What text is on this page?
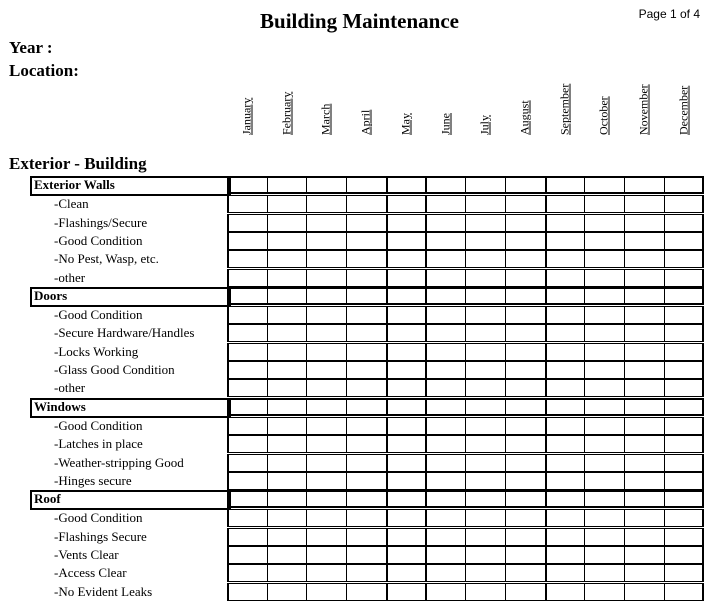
Page 1 of 4
Building Maintenance
Year :
Location:
Exterior - Building
January February March April May June July August September October November December
Exterior Walls
-Clean
-Flashings/Secure
-Good Condition
-No Pest, Wasp, etc.
-other
Doors
-Good Condition
-Secure Hardware/Handles
-Locks Working
-Glass Good Condition
-other
Windows
-Good Condition
-Latches in place
-Weather-stripping Good
-Hinges secure
Roof
-Good Condition
-Flashings Secure
-Vents Clear
-Access Clear
-No Evident Leaks
